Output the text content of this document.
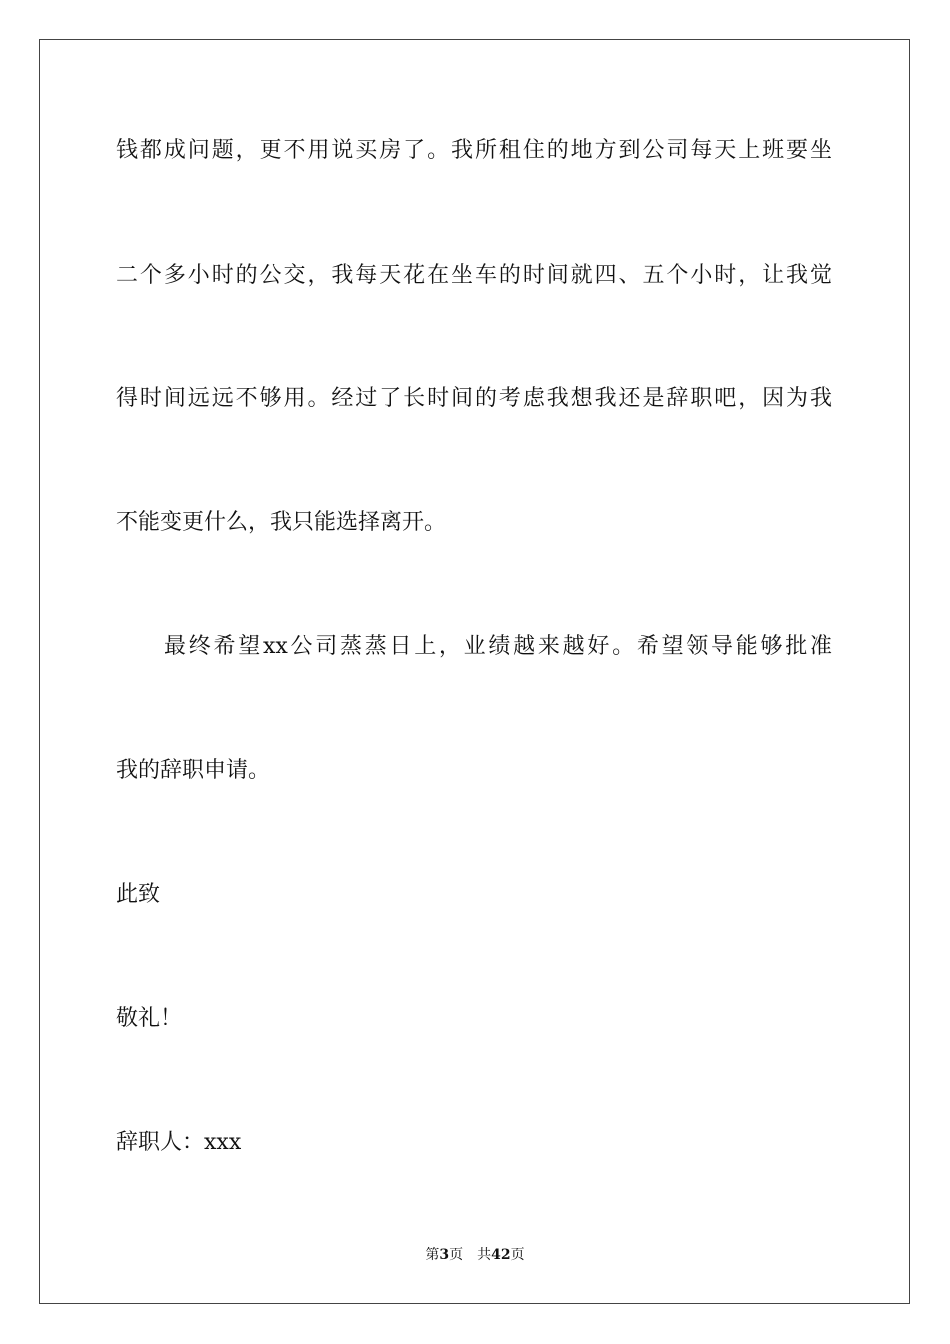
钱都成问题，更不用说买房了。我所租住的地方到公司每天上班要坐
二个多小时的公交，我每天花在坐车的时间就四、五个小时，让我觉
得时间远远不够用。经过了长时间的考虑我想我还是辞职吧，因为我
不能变更什么，我只能选择离开。
最终希望xx公司蒸蒸日上，业绩越来越好。希望领导能够批准
我的辞职申请。
此致
敬礼！
辞职人：xxx
第3页 共42页
